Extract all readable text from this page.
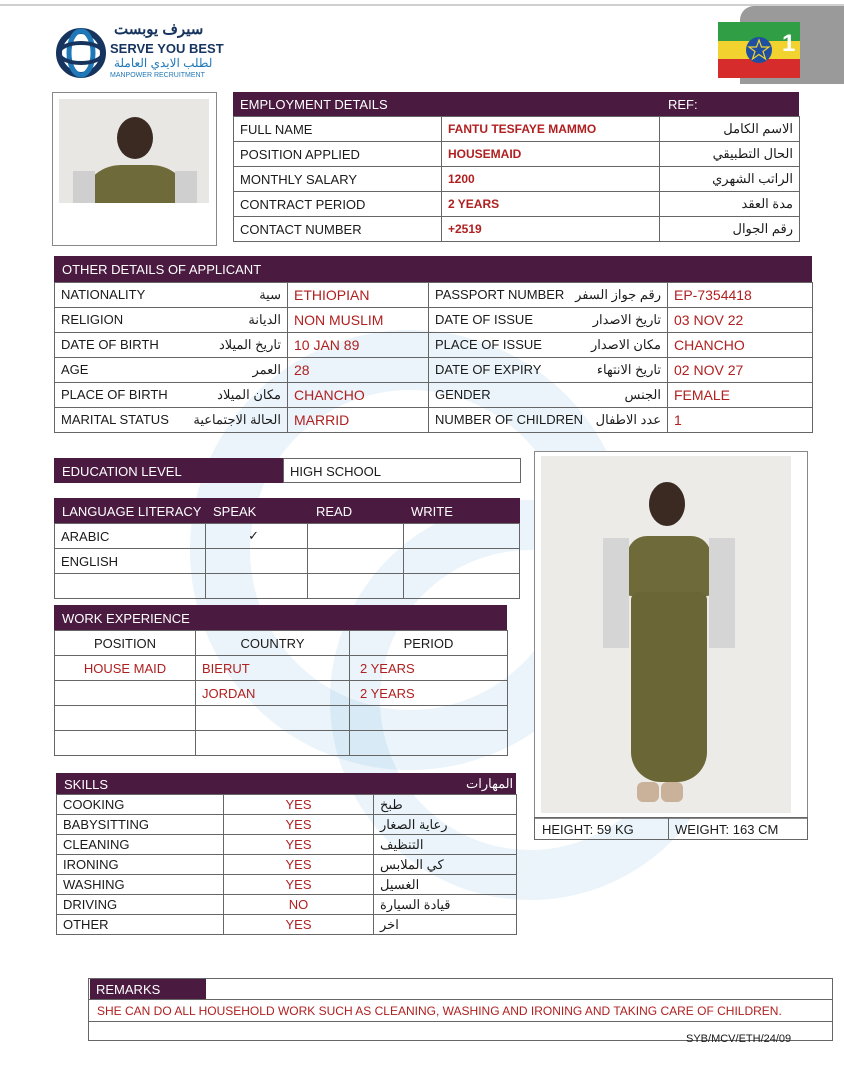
سيرف يوبست
SERVE YOU BEST
لطلب الايدي العاملة
MANPOWER RECRUITMENT
1
EMPLOYMENT DETAILS	REF:
FULL NAME	FANTU TESFAYE MAMMO	الاسم الكامل
POSITION APPLIED	HOUSEMAID	الحال التطبيقي
MONTHLY SALARY	1200	الراتب الشهري
CONTRACT PERIOD	2 YEARS	مدة العقد
CONTACT NUMBER	+2519	رقم الجوال
OTHER DETAILS OF APPLICANT
NATIONALITY سية	ETHIOPIAN	PASSPORT NUMBER رقم جواز السفر	EP-7354418
RELIGION الديانة	NON MUSLIM	DATE OF ISSUE تاريخ الاصدار	03 NOV 22
DATE OF BIRTH تاريخ الميلاد	10 JAN 89	PLACE OF ISSUE مكان الاصدار	CHANCHO
AGE العمر	28	DATE OF EXPIRY تاريخ الانتهاء	02 NOV 27
PLACE OF BIRTH مكان الميلاد	CHANCHO	GENDER الجنس	FEMALE
MARITAL STATUS الحالة الاجتماعية	MARRID	NUMBER OF CHILDREN عدد الاطفال	1
EDUCATION LEVEL	HIGH SCHOOL
LANGUAGE LITERACY SPEAK	READ	WRITE
ARABIC	✓		
ENGLISH			

WORK EXPERIENCE
POSITION	COUNTRY	PERIOD
HOUSE MAID	BIERUT	2 YEARS
	JORDAN	2 YEARS

SKILLS	المهارات
COOKING	YES	طبخ
BABYSITTING	YES	رعاية الصغار
CLEANING	YES	التنظيف
IRONING	YES	كي الملابس
WASHING	YES	الغسيل
DRIVING	NO	قيادة السيارة
OTHER	YES	اخر
HEIGHT: 59 KG	WEIGHT: 163 CM
REMARKS
SHE CAN DO ALL HOUSEHOLD WORK SUCH AS CLEANING, WASHING AND IRONING AND TAKING CARE OF CHILDREN.
SYB/MCV/ETH/24/09
